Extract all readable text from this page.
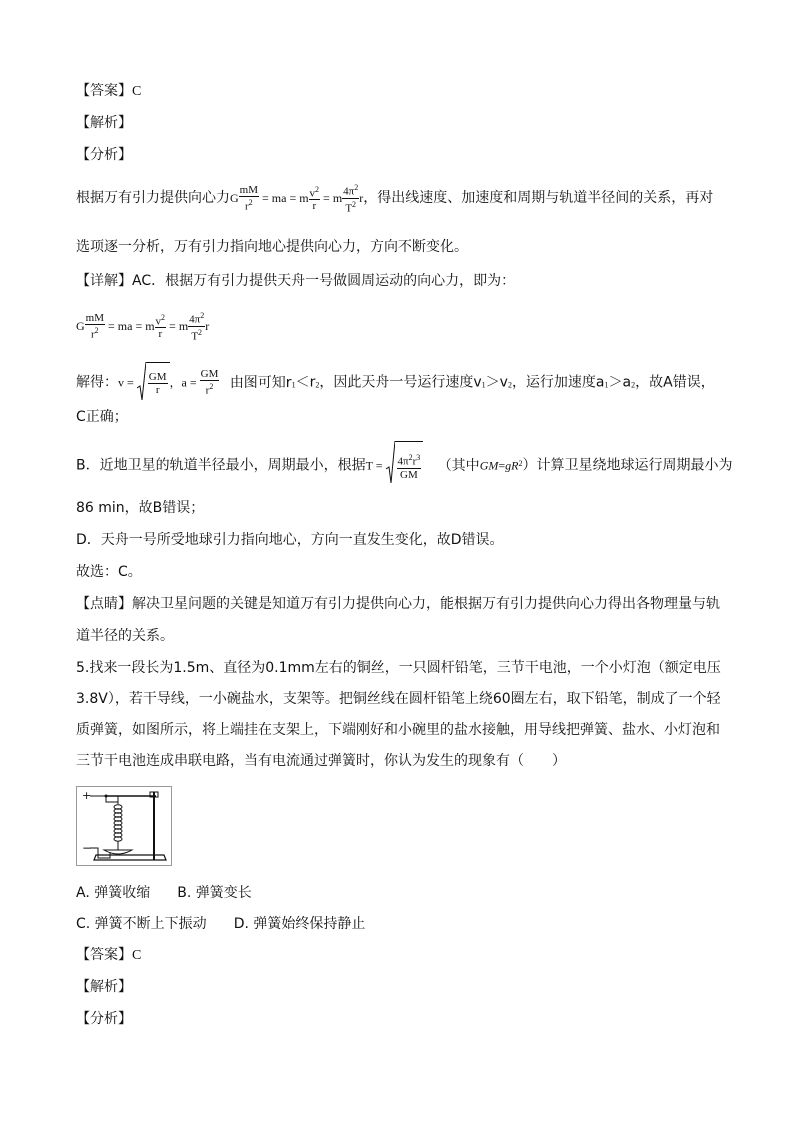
【答案】C
【解析】
【分析】
根据万有引力提供向心力G $\frac{mM}{r^2}$ = ma = m $\frac{v^2}{r} = m \frac{4\pi^2}{T^2}$ r，得出线速度、加速度和周期与轨道半径间的关系，再对
选项逐一分析，万有引力指向地心提供向心力，方向不断变化。
【详解】AC．根据万有引力提供天舟一号做圆周运动的向心力，即为：
G $\frac{mM}{r^2}$ = ma = m $\frac{v^2}{r} = m \frac{4\pi^2}{T^2}$ r
解得：$v = \frac{GM}{r}$ ，$a = \frac{GM}{r^2}$ 由图可知$r_1<r_2$，因此天舟一号运行速度$v_1>v_2$，运行加速度$a_1>a_2$，故A错误，
C正确；
B．近地卫星的轨道半径最小，周期最小，根据$T = \frac{4\pi^2r^3}{GM}$ （其中$GM=gR^2$）计算卫星绕地球运行周期最小为
86 min，故B错误；
D．天舟一号所受地球引力指向地心，方向一直发生变化，故D错误。
故选：C。
【点睛】解决卫星问题的关键是知道万有引力提供向心力，能根据万有引力提供向心力得出各物理量与轨
道半径的关系。
5.找来一段长为1.5m、直径为0.1mm左右的铜丝，一只圆杆铅笔，三节干电池，一个小灯泡（额定电压
3.8V），若干导线，一小碗盐水，支架等。把铜丝线在圆杆铅笔上绕60圈左右，取下铅笔，制成了一个轻
质弹簧，如图所示，将上端挂在支架上，下端刚好和小碗里的盐水接触，用导线把弹簧、盐水、小灯泡和
三节干电池连成串联电路，当有电流通过弹簧时，你认为发生的现象有（　　）
+
−
A. 弹簧收缩 B. 弹簧变长
C. 弹簧不断上下振动 D. 弹簧始终保持静止
【答案】C
【解析】
【分析】
